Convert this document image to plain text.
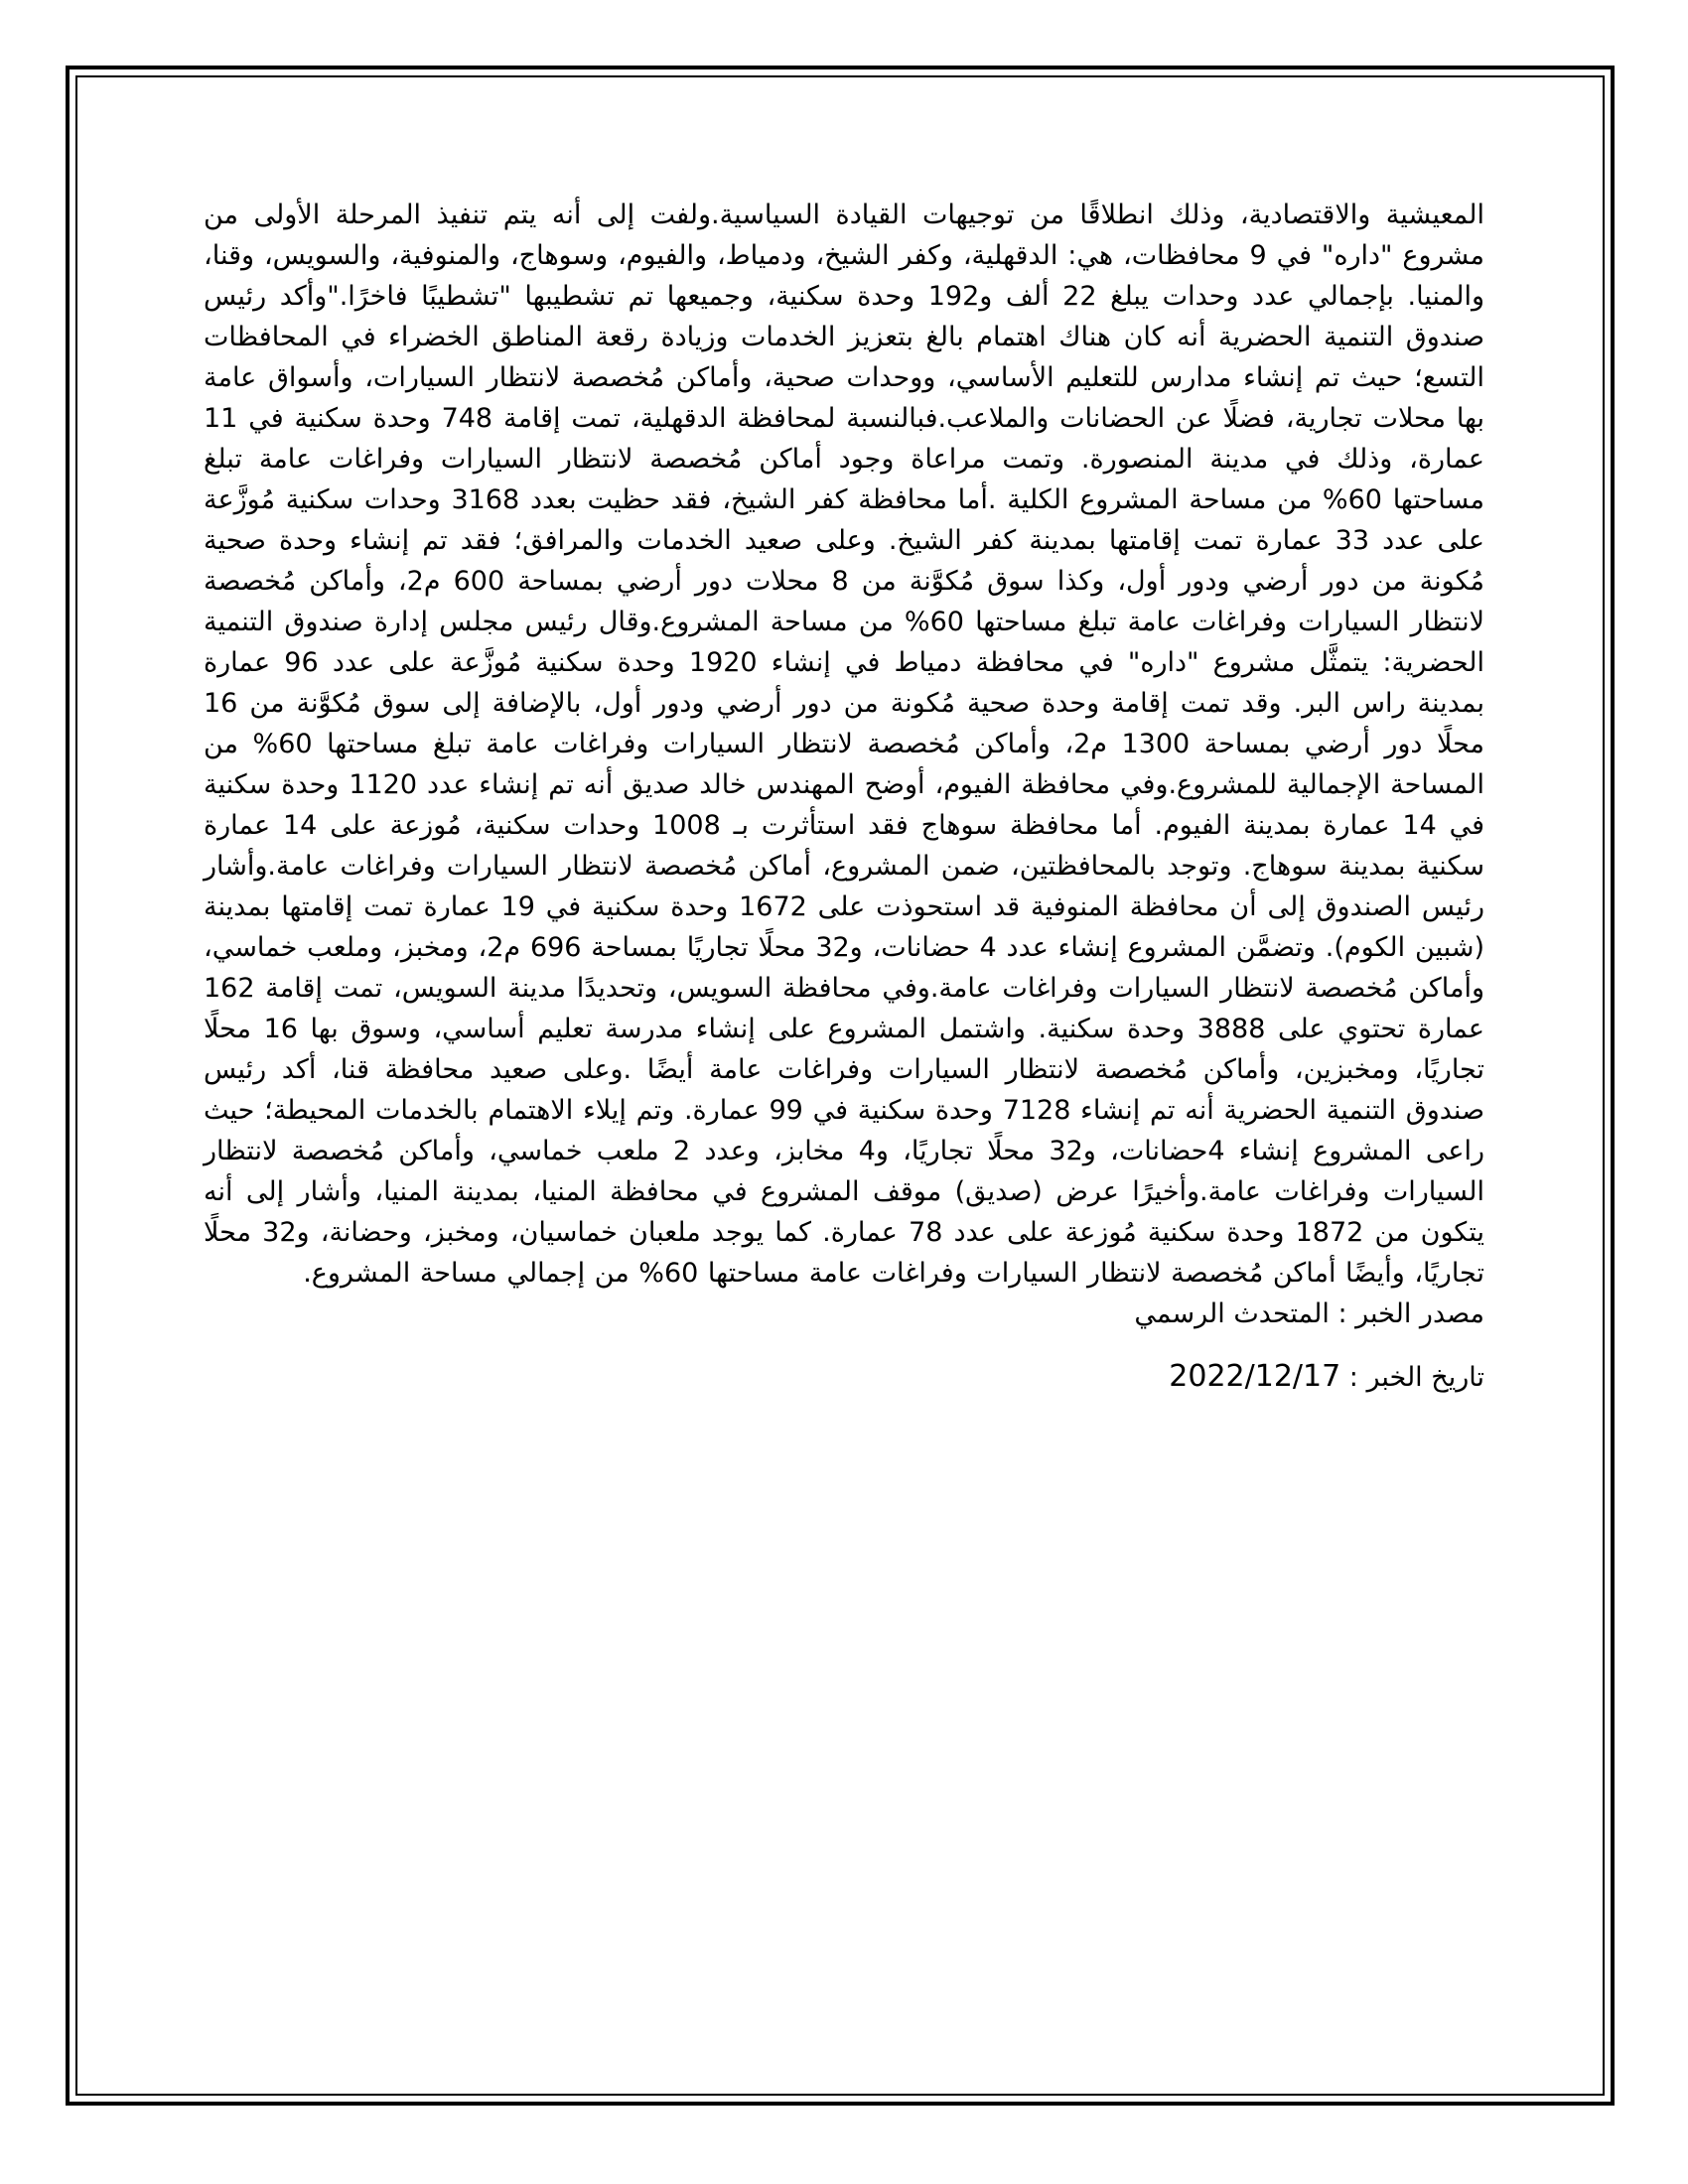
المعيشية والاقتصادية، وذلك انطلاقًا من توجيهات القيادة السياسية.ولفت إلى أنه يتم تنفيذ المرحلة الأولى من مشروع "داره" في 9 محافظات، هي: الدقهلية، وكفر الشيخ، ودمياط، والفيوم، وسوهاج، والمنوفية، والسويس، وقنا، والمنيا. بإجمالي عدد وحدات يبلغ 22 ألف و192 وحدة سكنية، وجميعها تم تشطيبها "تشطيبًا فاخرًا."وأكد رئيس صندوق التنمية الحضرية أنه كان هناك اهتمام بالغ بتعزيز الخدمات وزيادة رقعة المناطق الخضراء في المحافظات التسع؛ حيث تم إنشاء مدارس للتعليم الأساسي، ووحدات صحية، وأماكن مُخصصة لانتظار السيارات، وأسواق عامة بها محلات تجارية، فضلًا عن الحضانات والملاعب.فبالنسبة لمحافظة الدقهلية، تمت إقامة 748 وحدة سكنية في 11 عمارة، وذلك في مدينة المنصورة. وتمت مراعاة وجود أماكن مُخصصة لانتظار السيارات وفراغات عامة تبلغ مساحتها 60% من مساحة المشروع الكلية .أما محافظة كفر الشيخ، فقد حظيت بعدد 3168 وحدات سكنية مُوزَّعة على عدد 33 عمارة تمت إقامتها بمدينة كفر الشيخ. وعلى صعيد الخدمات والمرافق؛ فقد تم إنشاء وحدة صحية مُكونة من دور أرضي ودور أول، وكذا سوق مُكوَّنة من 8 محلات دور أرضي بمساحة 600 م2، وأماكن مُخصصة لانتظار السيارات وفراغات عامة تبلغ مساحتها 60% من مساحة المشروع.وقال رئيس مجلس إدارة صندوق التنمية الحضرية: يتمثَّل مشروع "داره" في محافظة دمياط في إنشاء 1920 وحدة سكنية مُوزَّعة على عدد 96 عمارة بمدينة راس البر. وقد تمت إقامة وحدة صحية مُكونة من دور أرضي ودور أول، بالإضافة إلى سوق مُكوَّنة من 16 محلًا دور أرضي بمساحة 1300 م2، وأماكن مُخصصة لانتظار السيارات وفراغات عامة تبلغ مساحتها 60% من المساحة الإجمالية للمشروع.وفي محافظة الفيوم، أوضح المهندس خالد صديق أنه تم إنشاء عدد 1120 وحدة سكنية في 14 عمارة بمدينة الفيوم. أما محافظة سوهاج فقد استأثرت بـ 1008 وحدات سكنية، مُوزعة على 14 عمارة سكنية بمدينة سوهاج. وتوجد بالمحافظتين، ضمن المشروع، أماكن مُخصصة لانتظار السيارات وفراغات عامة.وأشار رئيس الصندوق إلى أن محافظة المنوفية قد استحوذت على 1672 وحدة سكنية في 19 عمارة تمت إقامتها بمدينة (شبين الكوم). وتضمَّن المشروع إنشاء عدد 4 حضانات، و32 محلًا تجاريًا بمساحة 696 م2، ومخبز، وملعب خماسي، وأماكن مُخصصة لانتظار السيارات وفراغات عامة.وفي محافظة السويس، وتحديدًا مدينة السويس، تمت إقامة 162 عمارة تحتوي على 3888 وحدة سكنية. واشتمل المشروع على إنشاء مدرسة تعليم أساسي، وسوق بها 16 محلًا تجاريًا، ومخبزين، وأماكن مُخصصة لانتظار السيارات وفراغات عامة أيضًا .وعلى صعيد محافظة قنا، أكد رئيس صندوق التنمية الحضرية أنه تم إنشاء 7128 وحدة سكنية في 99 عمارة. وتم إيلاء الاهتمام بالخدمات المحيطة؛ حيث راعى المشروع إنشاء 4حضانات، و32 محلًا تجاريًا، و4 مخابز، وعدد 2 ملعب خماسي، وأماكن مُخصصة لانتظار السيارات وفراغات عامة.وأخيرًا عرض (صديق) موقف المشروع في محافظة المنيا، بمدينة المنيا، وأشار إلى أنه يتكون من 1872 وحدة سكنية مُوزعة على عدد 78 عمارة. كما يوجد ملعبان خماسيان، ومخبز، وحضانة، و32 محلًا تجاريًا، وأيضًا أماكن مُخصصة لانتظار السيارات وفراغات عامة مساحتها 60% من إجمالي مساحة المشروع.

مصدر الخبر : المتحدث الرسمي

تاريخ الخبر : 2022/12/17
